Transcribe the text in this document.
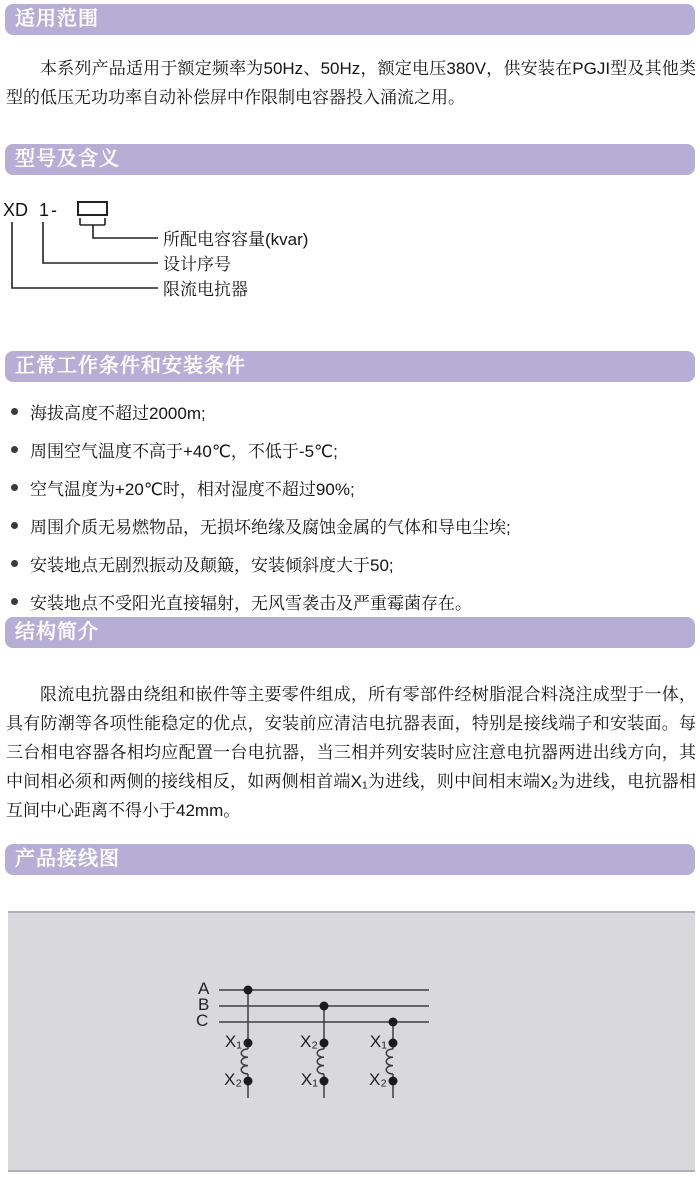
适用范围
型号及含义
正常工作条件和安装条件
结构简介
产品接线图

本系列产品适用于额定频率为50Hz、50Hz，额定电压380V，供安装在PGJI型及其他类型的低压无功功率自动补偿屏中作限制电容器投入涌流之用。

XD 1 -
所配电容容量(kvar)
设计序号
限流电抗器
海拔高度不超过2000m;
周围空气温度不高于+40℃，不低于-5℃;
空气温度为+20℃时，相对湿度不超过90%;
周围介质无易燃物品，无损坏绝缘及腐蚀金属的气体和导电尘埃;
安装地点无剧烈振动及颠簸，安装倾斜度大于50;
安装地点不受阳光直接辐射，无风雪袭击及严重霉菌存在。

限流电抗器由绕组和嵌件等主要零件组成，所有零部件经树脂混合料浇注成型于一体，具有防潮等各项性能稳定的优点，安装前应清洁电抗器表面，特别是接线端子和安装面。每三台相电容器各相均应配置一台电抗器，当三相并列安装时应注意电抗器两进出线方向，其中间相必须和两侧的接线相反，如两侧相首端X₁为进线，则中间相末端X₂为进线，电抗器相互间中心距离不得小于42mm。

A
B
C
X₁
X₂
X₂
X₁
X₁
X₂
